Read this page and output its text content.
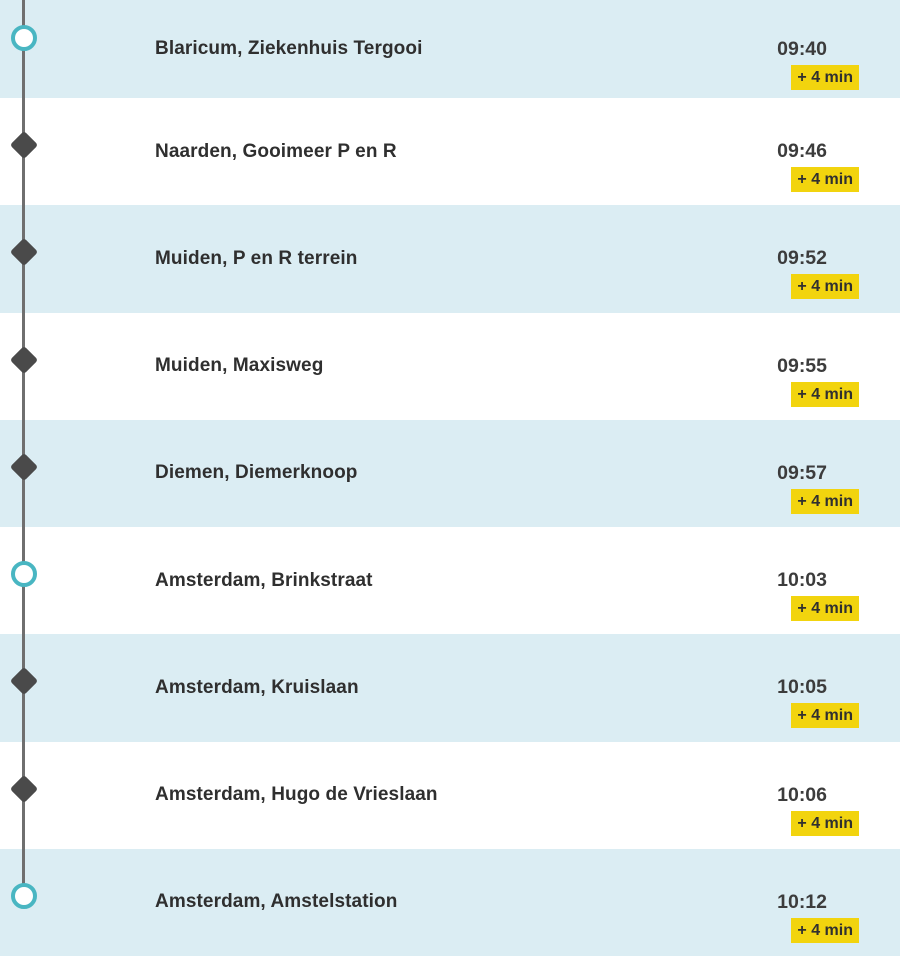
Blaricum, Ziekenhuis Tergooi	09:40
+ 4 min
Naarden, Gooimeer P en R	09:46
+ 4 min
Muiden, P en R terrein	09:52
+ 4 min
Muiden, Maxisweg	09:55
+ 4 min
Diemen, Diemerknoop	09:57
+ 4 min
Amsterdam, Brinkstraat	10:03
+ 4 min
Amsterdam, Kruislaan	10:05
+ 4 min
Amsterdam, Hugo de Vrieslaan	10:06
+ 4 min
Amsterdam, Amstelstation	10:12
+ 4 min
